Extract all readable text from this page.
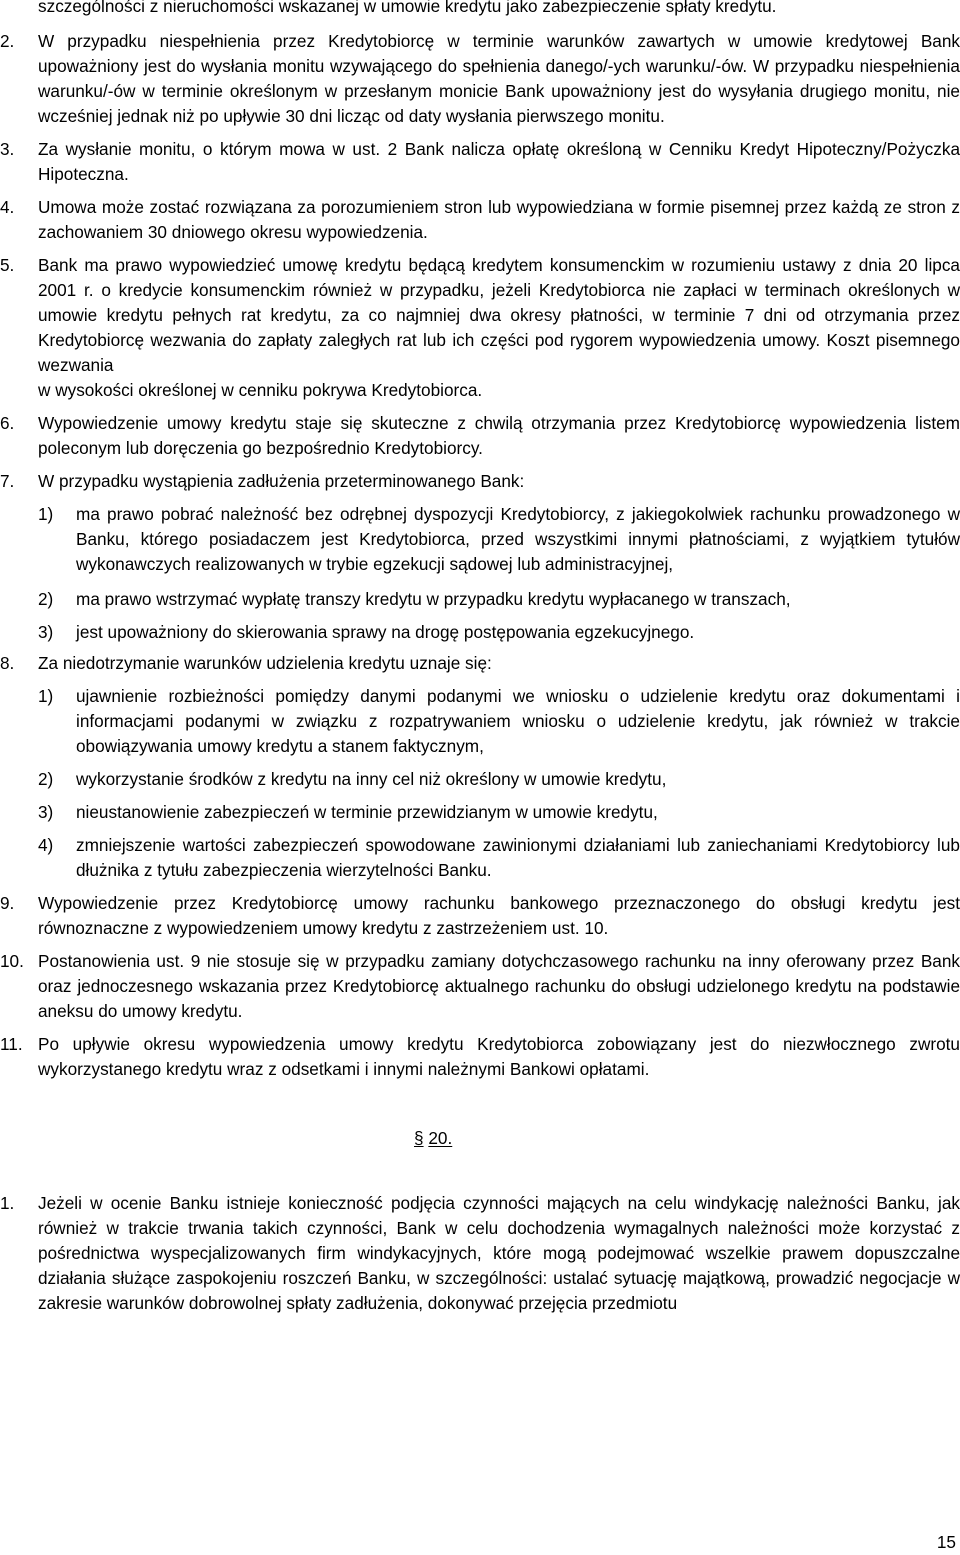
szczególności z nieruchomości wskazanej w umowie kredytu jako zabezpieczenie spłaty kredytu.

2. W przypadku niespełnienia przez Kredytobiorcę w terminie warunków zawartych w umowie kredytowej Bank upoważniony jest do wysłania monitu wzywającego do spełnienia danego/-ych warunku/-ów. W przypadku niespełnienia warunku/-ów w terminie określonym w przesłanym monicie Bank upoważniony jest do wysyłania drugiego monitu, nie wcześniej jednak niż po upływie 30 dni licząc od daty wysłania pierwszego monitu.
3. Za wysłanie monitu, o którym mowa w ust. 2 Bank nalicza opłatę określoną w Cenniku Kredyt Hipoteczny/Pożyczka Hipoteczna.
4. Umowa może zostać rozwiązana za porozumieniem stron lub wypowiedziana w formie pisemnej przez każdą ze stron z zachowaniem 30 dniowego okresu wypowiedzenia.
5. Bank ma prawo wypowiedzieć umowę kredytu będącą kredytem konsumenckim w rozumieniu ustawy z dnia 20 lipca 2001 r. o kredycie konsumenckim również w przypadku, jeżeli Kredytobiorca nie zapłaci w terminach określonych w umowie kredytu pełnych rat kredytu, za co najmniej dwa okresy płatności, w terminie 7 dni od otrzymania przez Kredytobiorcę wezwania do zapłaty zaległych rat lub ich części pod rygorem wypowiedzenia umowy. Koszt pisemnego wezwania

w wysokości określonej w cenniku pokrywa Kredytobiorca.

6. Wypowiedzenie umowy kredytu staje się skuteczne z chwilą otrzymania przez Kredytobiorcę wypowiedzenia listem poleconym lub doręczenia go bezpośrednio Kredytobiorcy.
7. W przypadku wystąpienia zadłużenia przeterminowanego Bank:
1) ma prawo pobrać należność bez odrębnej dyspozycji Kredytobiorcy, z jakiegokolwiek rachunku prowadzonego w Banku, którego posiadaczem jest Kredytobiorca, przed wszystkimi innymi płatnościami, z wyjątkiem tytułów wykonawczych realizowanych w trybie egzekucji sądowej lub administracyjnej,
2) ma prawo wstrzymać wypłatę transzy kredytu w przypadku kredytu wypłacanego w transzach,
3) jest upoważniony do skierowania sprawy na drogę postępowania egzekucyjnego.
8. Za niedotrzymanie warunków udzielenia kredytu uznaje się:
1) ujawnienie rozbieżności pomiędzy danymi podanymi we wniosku o udzielenie kredytu oraz dokumentami i informacjami podanymi w związku z rozpatrywaniem wniosku o udzielenie kredytu, jak również w trakcie obowiązywania umowy kredytu a stanem faktycznym,
2) wykorzystanie środków z kredytu na inny cel niż określony w umowie kredytu,
3) nieustanowienie zabezpieczeń w terminie przewidzianym w umowie kredytu,
4) zmniejszenie wartości zabezpieczeń spowodowane zawinionymi działaniami lub zaniechaniami Kredytobiorcy lub dłużnika z tytułu zabezpieczenia wierzytelności Banku.
9. Wypowiedzenie przez Kredytobiorcę umowy rachunku bankowego przeznaczonego do obsługi kredytu jest równoznaczne z wypowiedzeniem umowy kredytu z zastrzeżeniem ust. 10.
10. Postanowienia ust. 9 nie stosuje się w przypadku zamiany dotychczasowego rachunku na inny oferowany przez Bank oraz jednoczesnego wskazania przez Kredytobiorcę aktualnego rachunku do obsługi udzielonego kredytu na podstawie aneksu do umowy kredytu.
11. Po upływie okresu wypowiedzenia umowy kredytu Kredytobiorca zobowiązany jest do niezwłocznego zwrotu wykorzystanego kredytu wraz z odsetkami i innymi należnymi Bankowi opłatami.
§ 20.
1. Jeżeli w ocenie Banku istnieje konieczność podjęcia czynności mających na celu windykację należności Banku, jak również w trakcie trwania takich czynności, Bank w celu dochodzenia wymagalnych należności może korzystać z pośrednictwa wyspecjalizowanych firm windykacyjnych, które mogą podejmować wszelkie prawem dopuszczalne działania służące zaspokojeniu roszczeń Banku, w szczególności: ustalać sytuację majątkową, prowadzić negocjacje w zakresie warunków dobrowolnej spłaty zadłużenia, dokonywać przejęcia przedmiotu
15
